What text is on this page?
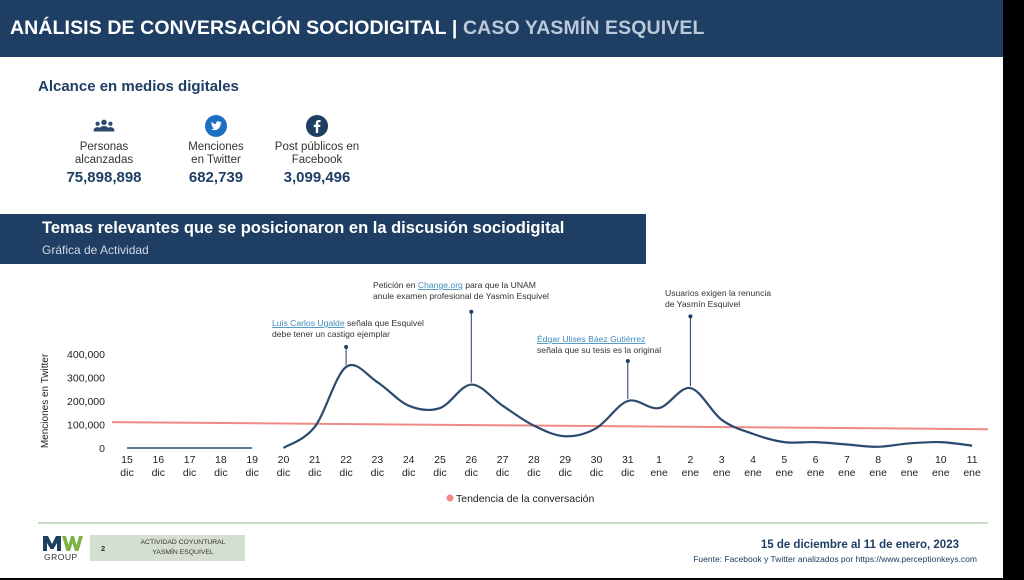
ANÁLISIS DE CONVERSACIÓN SOCIODIGITAL | CASO YASMÍN ESQUIVEL
Alcance en medios digitales
Personas
alcanzadas
75,898,898
Menciones
en Twitter
682,739
Post públicos en
Facebook
3,099,496
Temas relevantes que se posicionaron en la discusión sociodigital
Gráfica de Actividad
Menciones en Twitter
0
100,000
200,000
300,000
400,000
15
dic
16
dic
17
dic
18
dic
19
dic
20
dic
21
dic
22
dic
23
dic
24
dic
25
dic
26
dic
27
dic
28
dic
29
dic
30
dic
31
dic
1
ene
2
ene
3
ene
4
ene
5
ene
6
ene
7
ene
8
ene
9
ene
10
ene
11
ene
Luis Carlos Ugalde señala que Esquivel
debe tener un castigo ejemplar
Petición en Change.org para que la UNAM
anule examen profesional de Yasmín Esquivel
Édgar Ulises Báez Gutiérrez
señala que su tesis es la original
Usuarios exigen la renuncia
de Yasmín Esquivel
Tendencia de la conversación
GROUP
2
ACTIVIDAD COYUNTURAL
YASMÍN ESQUIVEL
15 de diciembre al 11 de enero, 2023
Fuente: Facebook y Twitter analizados por https://www.perceptionkeys.com
